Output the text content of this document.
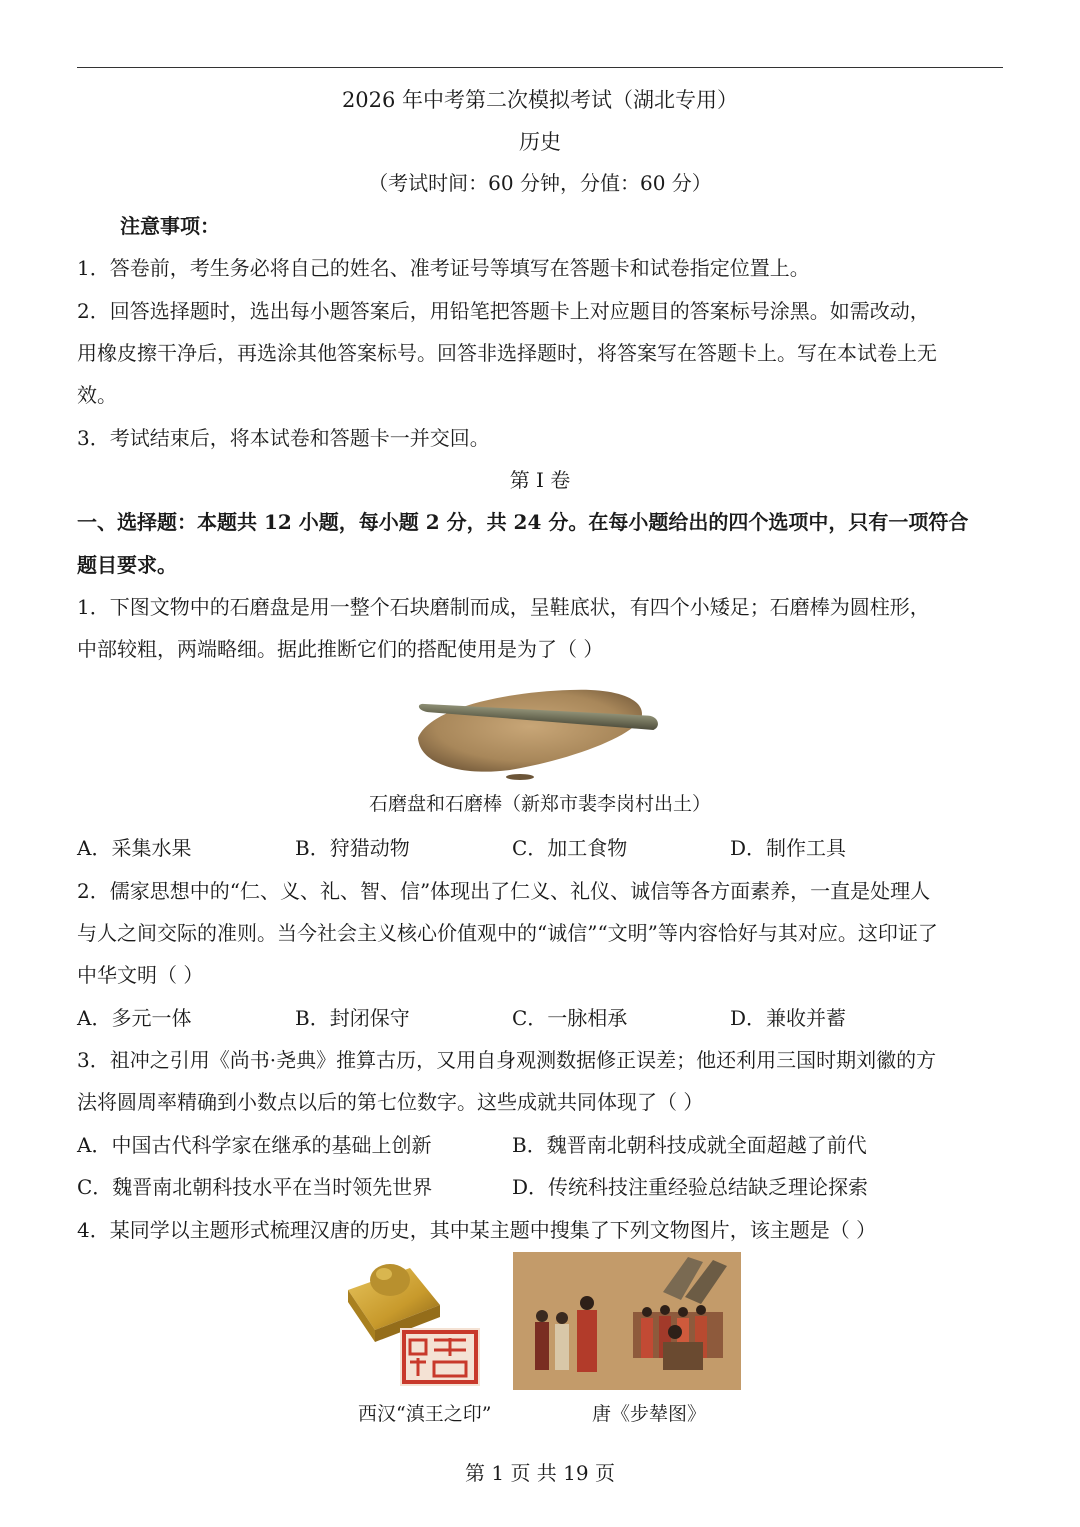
2026 年中考第二次模拟考试（湖北专用）
历史
（考试时间：60 分钟，分值：60 分）
注意事项：
1．答卷前，考生务必将自己的姓名、准考证号等填写在答题卡和试卷指定位置上。
2．回答选择题时，选出每小题答案后，用铅笔把答题卡上对应题目的答案标号涂黑。如需改动，
用橡皮擦干净后，再选涂其他答案标号。回答非选择题时，将答案写在答题卡上。写在本试卷上无
效。
3．考试结束后，将本试卷和答题卡一并交回。
第 I 卷
一、选择题：本题共 12 小题，每小题 2 分，共 24 分。在每小题给出的四个选项中，只有一项符合
题目要求。
1．下图文物中的石磨盘是用一整个石块磨制而成，呈鞋底状，有四个小矮足；石磨棒为圆柱形，
中部较粗，两端略细。据此推断它们的搭配使用是为了（ ）
石磨盘和石磨棒（新郑市裴李岗村出土）
A．采集水果	B．狩猎动物	C．加工食物	D．制作工具
2．儒家思想中的“仁、义、礼、智、信”体现出了仁义、礼仪、诚信等各方面素养，一直是处理人
与人之间交际的准则。当今社会主义核心价值观中的“诚信”“文明”等内容恰好与其对应。这印证了
中华文明（ ）
A．多元一体	B．封闭保守	C．一脉相承	D．兼收并蓄
3．祖冲之引用《尚书·尧典》推算古历，又用自身观测数据修正误差；他还利用三国时期刘徽的方
法将圆周率精确到小数点以后的第七位数字。这些成就共同体现了（ ）
A．中国古代科学家在继承的基础上创新	B．魏晋南北朝科技成就全面超越了前代
C．魏晋南北朝科技水平在当时领先世界	D．传统科技注重经验总结缺乏理论探索
4．某同学以主题形式梳理汉唐的历史，其中某主题中搜集了下列文物图片，该主题是（ ）
西汉“滇王之印”	唐《步辇图》
第 1 页 共 19 页
